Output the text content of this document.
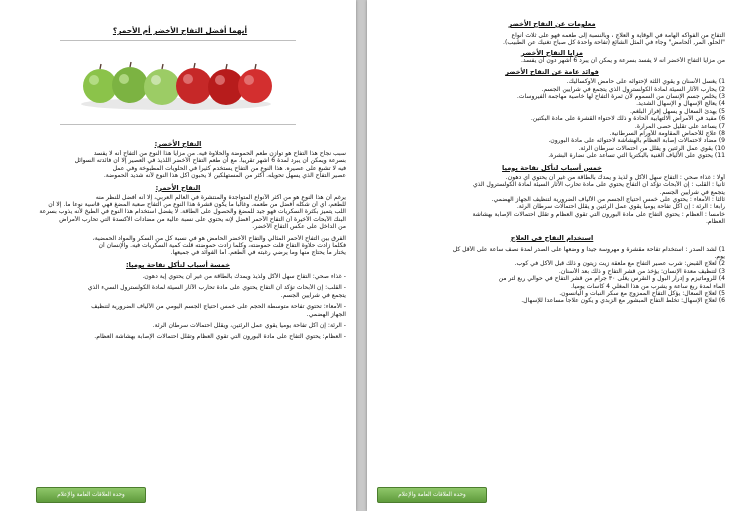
أيهما أفضل التفاح الأخضر أم الأحمر؟
التفاح الأخضر:
سبب نجاح هذا التفاح هو توازن طعم الحموضة والحلاوة فيه. من مزايا هذا النوع من التفاح أنه لا يفسد
بسرعة ويمكن أن يبرد لمدة 6 أشهر تقريبا. مع أن طعم التفاح الأخضر اللذيذ في العصير إلا أن فائدته السوائل
فيه لا تشبع على عصيره. هذا النوع من التفاح يستخدم كثيرا في الحلويات المطبوخة وفي عمل
عصير التفاح الذي يسهل تحويله. أكثر من المستهلكين لا يحبون أكل هذا النوع لأنه شديد الحموضة.
التفاح الأحمر:
يرغم أن هذا النوع هو من أكثر الأنواع المتواجدة والمنتشرة في العالم العربي، إلا أنه أفضل للنظر منه
للطعم، أي أن شكله أفضل من طعمه. وغالبا ما يكون قشرة هذا النوع من التفاح صعبة المضغ فهي قاسية نوعا ما. إلا أن
اللب يتميز بكثرة السكريات فهو جيد للمضغ والحصول على الطاقة. لا يفضل استخدام هذا النوع في الطبخ لأنه يذوب بسرعة
البنك الأبحاث الأخيرة أن التفاح الأحمر أفضل لإنه يحتوي على نسبة عالية من مضادات الأكسدة التي تحارب الأمراض
من الداخل على عكس التفاح الأخضر.
الفرق بين التفاح الأحمر المثالي والتفاح الأخضر الحامض هو في نسبة كل من السكر والمواد الحمضية،
فكلما زادت حلاوة التفاح قلت حموضته، وكلما زادت حموضته قلت كمية السكريات فيه. والإنسان أن
يختار ما يحتاج منها وما يرضي رغبته في الطعم. أما الفوائد في جميعها.
خمسة أسباب لتأكل تفاحة يوميا:
- غذاء صحي: التفاح سهل الأكل ولذيذ ويمدك بالطاقة من غير أن يحتوي إية دهون.
- القلب: إن الأبحاث تؤكد أن التفاح يحتوي على مادة تحارب الآثار السيئة لمادة الكولسترول السيء الذي
يتجمع في شرايين الجسم.
- الأمعاء: تحتوي تفاحة متوسطة الحجم على خمس احتياج الجسم اليومي من الألياف الضرورية لتنظيف
الجهاز الهضمي.
- الرئة: إن أكل تفاحة يوميا يقوي عمل الرئتين، ويقلل احتمالات سرطان الرئة.
- العظام: يحتوي التفاح على مادة البورون التي تقوي العظام وتقلل احتمالات الإصابة بهشاشة العظام.
وحدة العلاقات العامة والإعلام
معلومات عن التفاح الأخضر
التفاح من الفواكه الهامة في الوقاية و العلاج ، وبالنسبة إلى طعمه فهو على ثلاث أنواع
"الحلو, المر, الحامض" وجاء في المثل الشائع (تفاحة واحدة كل صباح تغنيك عن الطبيب).
مزايا التفاح الأخضر
من مزايا التفاح الأخضر أنه لا يفسد بسرعة و يمكن أن يبرد 6 أشهر دون أن يفسد.
فوائد عامة عن التفاح الأخضر
1) يغسل الأسنان و يقوي اللثة لإحتوائه على حامض الأوكساليك.
2) يحارب الآثار السيئة لمادة الكولسترول الذي يتجمع في شرايين الجسم.
3) يخلص جسم الإنسان من السموم لأن ثمرة التفاح لها خاصية مهاجمة الفيروسات.
4) يعالج الإسهال و الإسهال الشديد.
5) يهدئ السعال و يسهل إفراز البلغم.
6) مفيد في الأمراض الالتهابية الحادة و ذلك لاحتواء القشرة على مادة البكتين.
7) يساعد على تقليل حصى المرارة.
8) علاج للأحماض المقاومة للأورام السرطانية.
9) مضاد لاحتمالات إصابة العظام بالهشاشة لاحتوائه على مادة البورون.
10) يقوي عمل الرئتين و يقلل من احتمالات سرطان الرئة.
11) يحتوي على الألياف الغنية بالبكتريا التي تساعد على نضارة البشرة.
خمس أسباب لتأكل تفاحة يوميا
أولا : غذاء صحي : التفاح سهل الأكل و لذيذ و يمدك بالطاقة من غير أن يحتوي أي دهون.
ثانيا : القلب : إن الأبحاث تؤكد أن التفاح يحتوي على مادة تحارب الآثار السيئة لمادة الكولسترول الذي
يتجمع في شرايين الجسم.
ثالثا : الأمعاء : يحتوي على خمس احتياج الجسم من الألياف الضرورية لتنظيف الجهاز الهضمي.
رابعا : الرئة : إن أكل تفاحة يوميا يقوي عمل الرئتين و يقلل احتمالات سرطان الرئة.
خامسا : العظام : يحتوي التفاح على مادة البورون التي تقوي العظام و تقلل احتمالات الإصابة بهشاشة
العظام.
استخدام التفاح في العلاج
1) لشد الصدر : استخدام تفاحة مقشرة و مهروسة جيدا و وضعها على الصدر لمدة نصف ساعة على الأقل كل
يوم.
2) لعلاج القبض: شرب عصير التفاح مع ملعقة زيت زيتون و ذلك قبل الأكل في كوب.
3) لتنظيف معدة الإنسان: يؤخذ من قشر التفاح و ذلك بعد الأسنان.
4) للروماتيزم و إدرار البول و النقرس يغلى ٣٠ جرام من قشر التفاح في حوالي ربع لتر من
الماء لمدة ربع ساعة و يشرب من هذا المغلي 4 كاسات يوميا.
5) لعلاج السعال: يؤكل التفاح الممزوج مع سكر النبات و اليانسون.
6) لعلاج الإسهال: تخلط التفاح المبشور مع الزبدي و يكون علاجا مساعدا للإسهال.
وحدة العلاقات العامة والإعلام
